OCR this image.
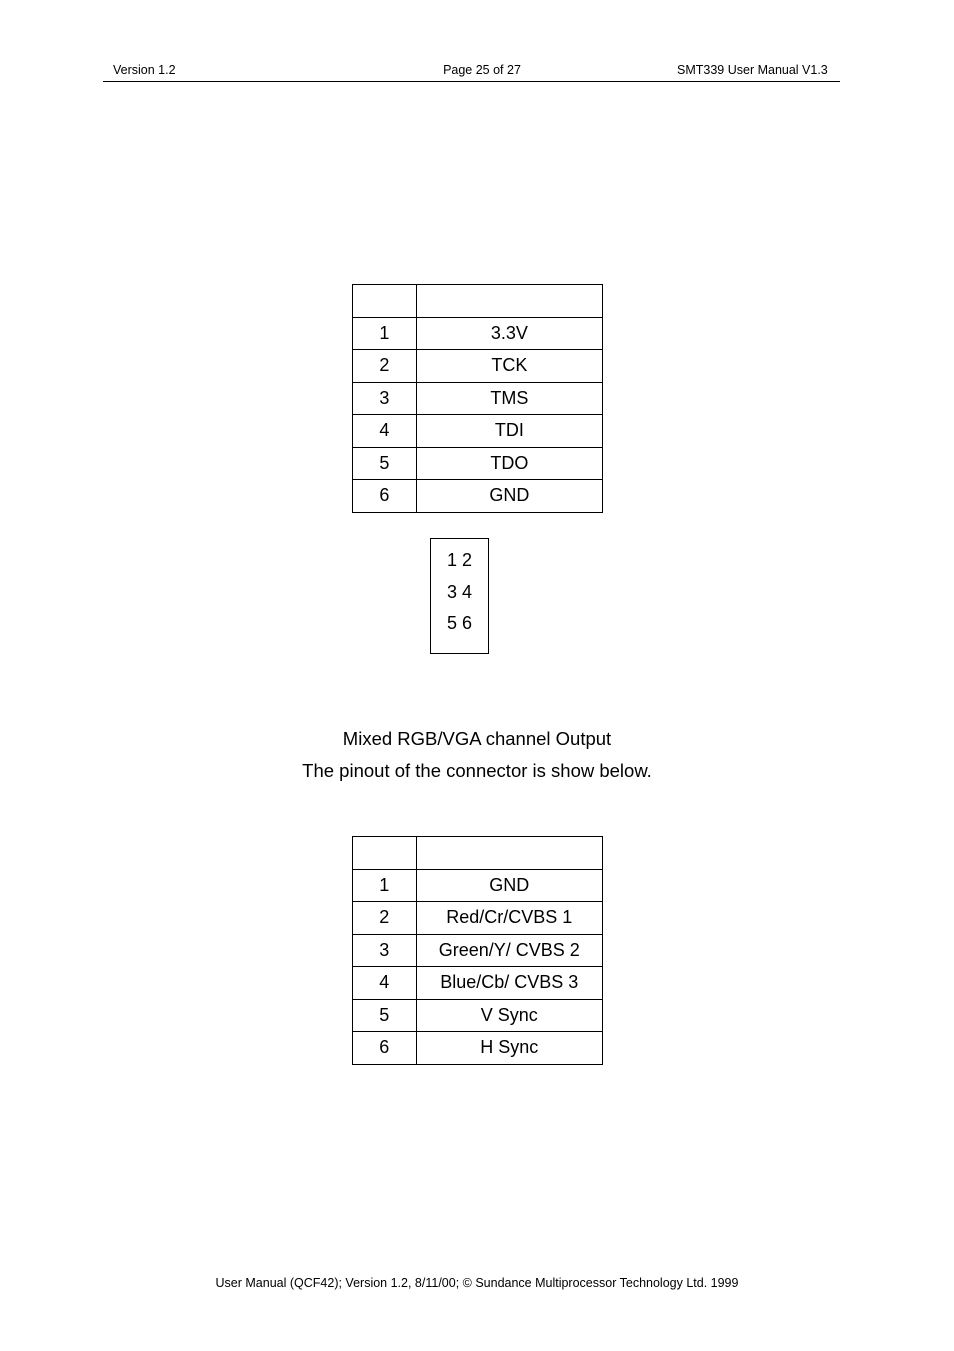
Version 1.2	Page 25 of 27	SMT339 User Manual V1.3

1	3.3V
2	TCK
3	TMS
4	TDI
5	TDO
6	GND
1 2
3 4
5 6
Mixed RGB/VGA channel Output
The pinout of the connector is show below.

1	GND
2	Red/Cr/CVBS 1
3	Green/Y/ CVBS 2
4	Blue/Cb/ CVBS 3
5	V Sync
6	H Sync
User Manual (QCF42); Version 1.2, 8/11/00; © Sundance Multiprocessor Technology Ltd. 1999
